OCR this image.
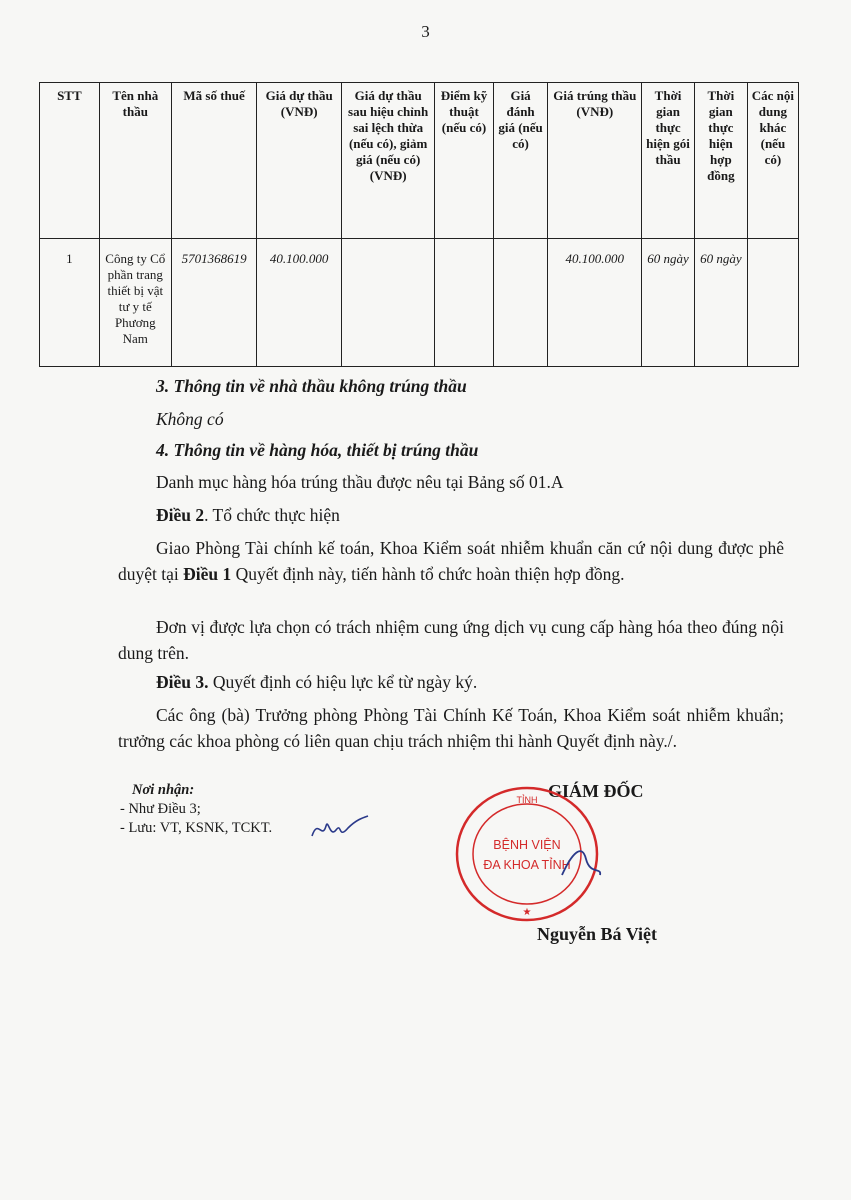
3
STT	Tên nhà thầu	Mã số thuế	Giá dự thầu (VNĐ)	Giá dự thầu sau hiệu chỉnh sai lệch thừa (nếu có), giảm giá (nếu có) (VNĐ)	Điểm kỹ thuật (nếu có)	Giá đánh giá (nếu có)	Giá trúng thầu (VNĐ)	Thời gian thực hiện gói thầu	Thời gian thực hiện hợp đồng	Các nội dung khác (nếu có)
1	Công ty Cổ phần trang thiết bị vật tư y tế Phương Nam	5701368619	40.100.000				40.100.000	60 ngày	60 ngày	
3. Thông tin về nhà thầu không trúng thầu
Không có
4. Thông tin về hàng hóa, thiết bị trúng thầu
Danh mục hàng hóa trúng thầu được nêu tại Bảng số 01.A
Điều 2. Tổ chức thực hiện

Giao Phòng Tài chính kế toán, Khoa Kiểm soát nhiễm khuẩn căn cứ nội dung được phê duyệt tại Điều 1 Quyết định này, tiến hành tổ chức hoàn thiện hợp đồng.

Đơn vị được lựa chọn có trách nhiệm cung ứng dịch vụ cung cấp hàng hóa theo đúng nội dung trên.

Điều 3. Quyết định có hiệu lực kể từ ngày ký.

Các ông (bà) Trưởng phòng Phòng Tài Chính Kế Toán, Khoa Kiểm soát nhiễm khuẩn; trưởng các khoa phòng có liên quan chịu trách nhiệm thi hành Quyết định này./.

Nơi nhận:
- Như Điều 3;
- Lưu: VT, KSNK, TCKT.
GIÁM ĐỐC
TỈNH
BỆNH VIỆN
ĐA KHOA TỈNH
★
Nguyễn Bá Việt
